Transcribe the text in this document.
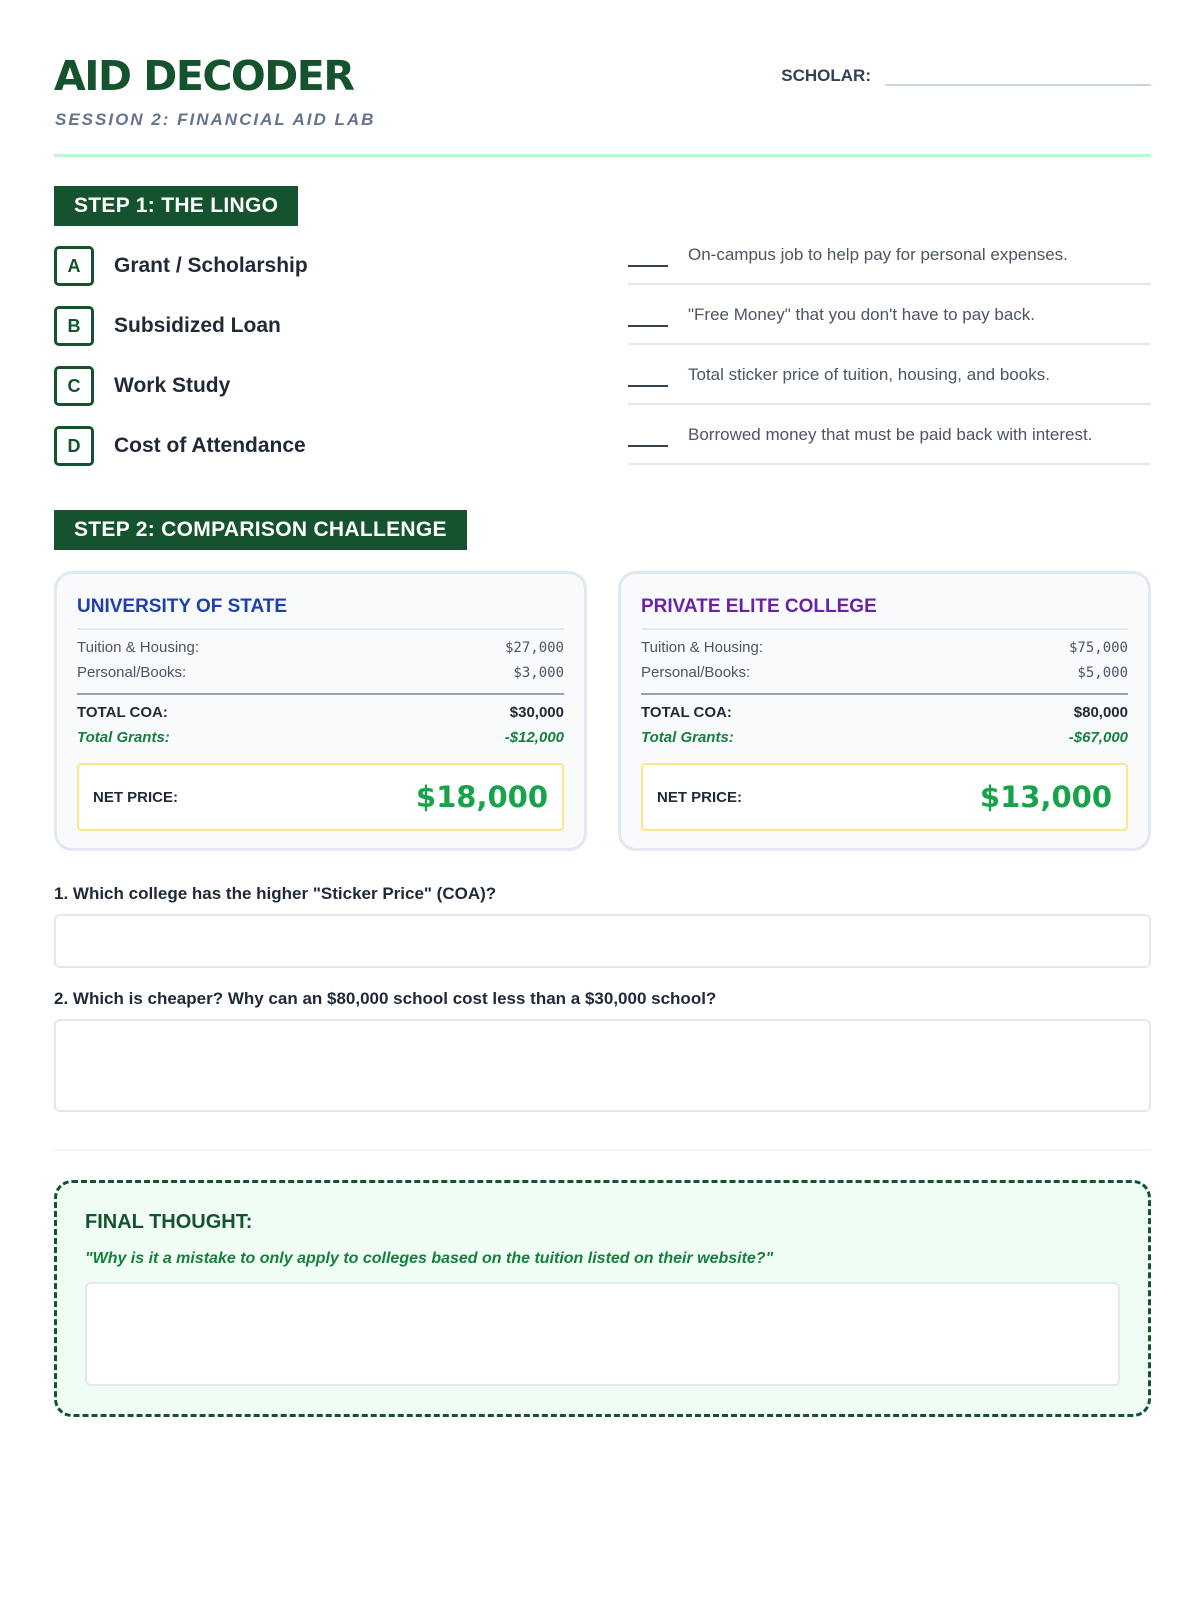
AID DECODER
SESSION 2: FINANCIAL AID LAB
SCHOLAR:
STEP 1: THE LINGO
A	Grant / Scholarship
B	Subsidized Loan
C	Work Study
D	Cost of Attendance
On-campus job to help pay for personal expenses.
"Free Money" that you don't have to pay back.
Total sticker price of tuition, housing, and books.
Borrowed money that must be paid back with interest.
STEP 2: COMPARISON CHALLENGE
UNIVERSITY OF STATE
Tuition & Housing:	$27,000
Personal/Books:	$3,000
TOTAL COA:	$30,000
Total Grants:	-$12,000
NET PRICE:	$18,000
PRIVATE ELITE COLLEGE
Tuition & Housing:	$75,000
Personal/Books:	$5,000
TOTAL COA:	$80,000
Total Grants:	-$67,000
NET PRICE:	$13,000
1. Which college has the higher "Sticker Price" (COA)?
2. Which is cheaper? Why can an $80,000 school cost less than a $30,000 school?
FINAL THOUGHT:
"Why is it a mistake to only apply to colleges based on the tuition listed on their website?"
